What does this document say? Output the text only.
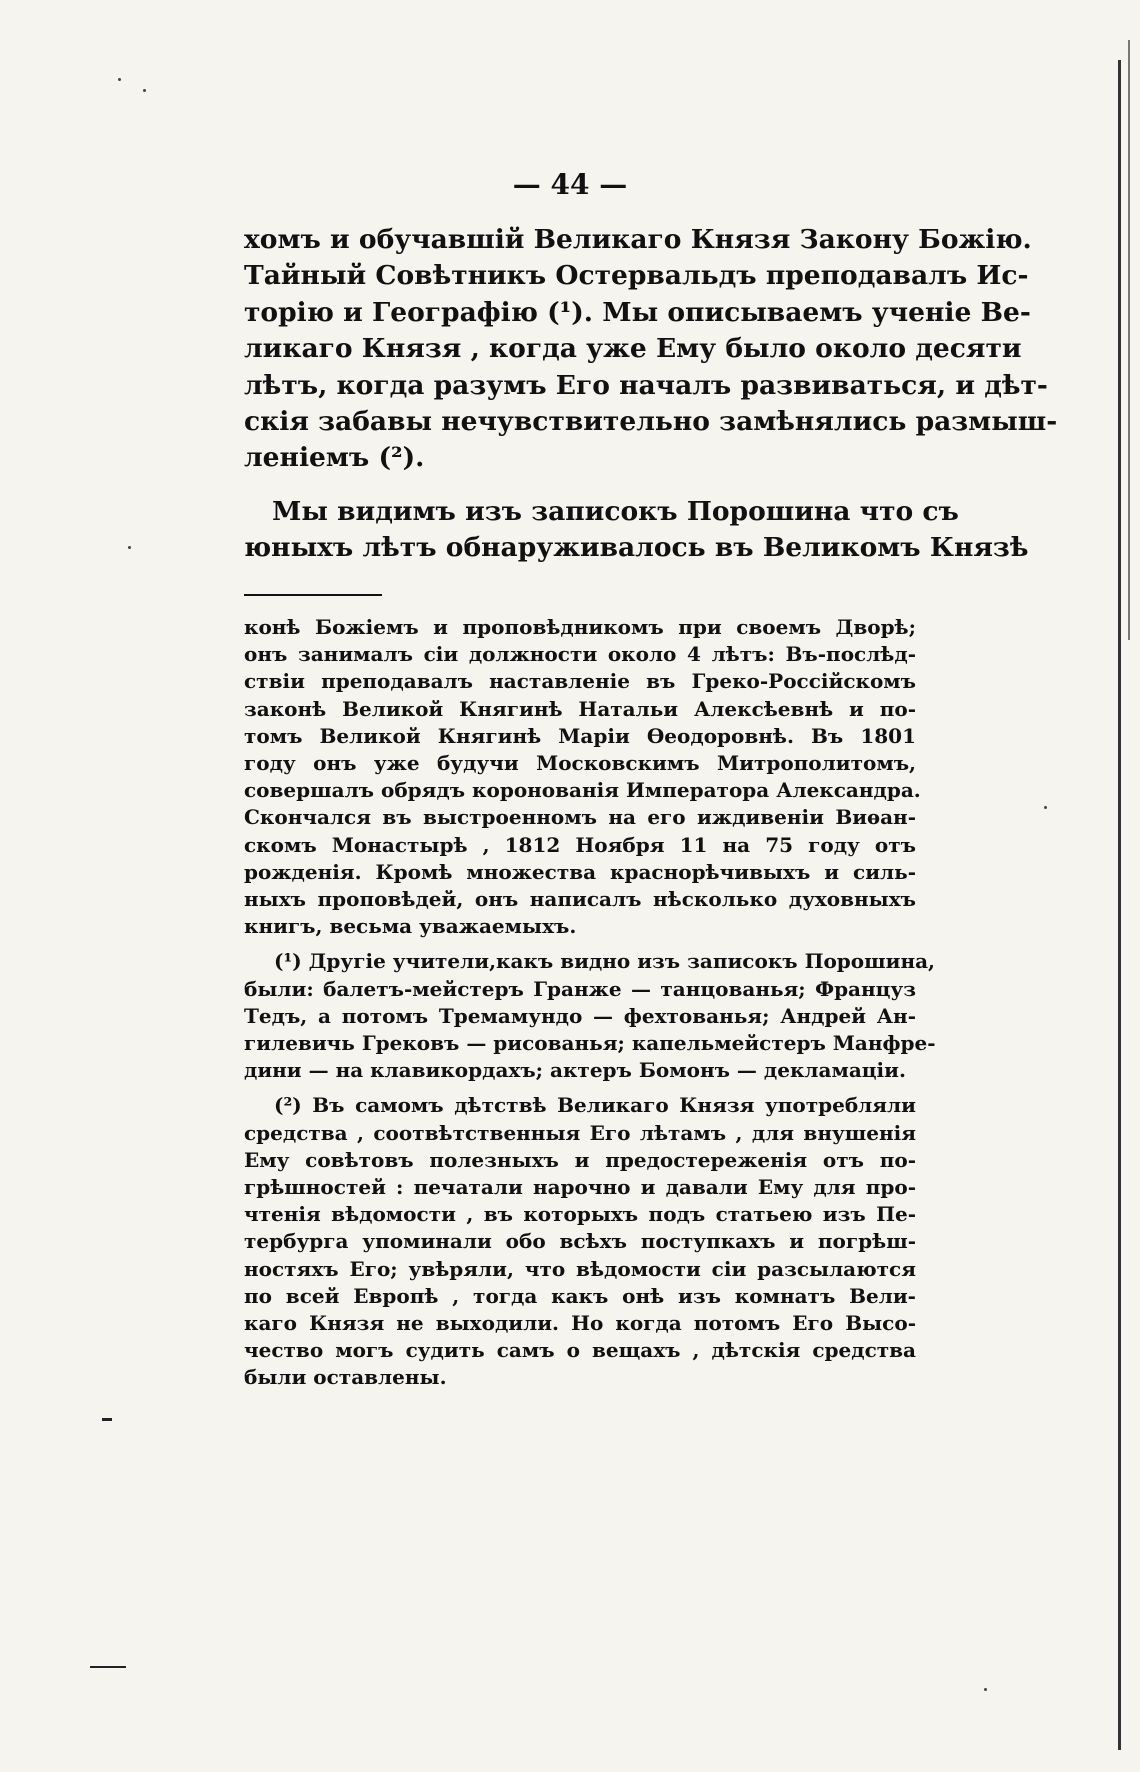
— 44 —
хомъ и обучавшій Великаго Князя Закону Божію.
Тайный Совѣтникъ Остервальдъ преподавалъ Ис-
торію и Географію (¹). Мы описываемъ ученіе Ве-
ликаго Князя , когда уже Ему было около десяти
лѣтъ, когда разумъ Его началъ развиваться, и дѣт-
скія забавы нечувствительно замѣнялись размыш-
леніемъ (²).
Мы видимъ изъ записокъ Порошина что съ
юныхъ лѣтъ обнаруживалось въ Великомъ Князѣ
конѣ Божіемъ и проповѣдникомъ при своемъ Дворѣ;
онъ занималъ сіи должности около 4 лѣтъ: Въ-послѣд-
ствіи преподавалъ наставленіе въ Греко-Россійскомъ
законѣ Великой Княгинѣ Натальи Алексѣевнѣ и по-
томъ Великой Княгинѣ Маріи Ѳеодоровнѣ. Въ 1801
году онъ уже будучи Московскимъ Митрополитомъ,
совершалъ обрядъ коронованія Императора Александра.
Скончался въ выстроенномъ на его иждивеніи Виѳан-
скомъ Монастырѣ , 1812 Ноября 11 на 75 году отъ
рожденія. Кромѣ множества краснорѣчивыхъ и силь-
ныхъ проповѣдей, онъ написалъ нѣсколько духовныхъ
книгъ, весьма уважаемыхъ.
(¹) Другіе учители,какъ видно изъ записокъ Порошина,
были: балетъ-мейстеръ Гранже — танцованья; Француз
Тедъ, а потомъ Тремамундо — фехтованья; Андрей Ан-
гилевичь Грековъ — рисованья; капельмейстеръ Манфре-
дини — на клавикордахъ; актеръ Бомонъ — декламаціи.
(²) Въ самомъ дѣтствѣ Великаго Князя употребляли
средства , соотвѣтственныя Его лѣтамъ , для внушенія
Ему совѣтовъ полезныхъ и предостереженія отъ по-
грѣшностей : печатали нарочно и давали Ему для про-
чтенія вѣдомости , въ которыхъ подъ статьею изъ Пе-
тербурга упоминали обо всѣхъ поступкахъ и погрѣш-
ностяхъ Его; увѣряли, что вѣдомости сіи разсылаются
по всей Европѣ , тогда какъ онѣ изъ комнатъ Вели-
каго Князя не выходили. Но когда потомъ Его Высо-
чество могъ судить самъ о вещахъ , дѣтскія средства
были оставлены.
